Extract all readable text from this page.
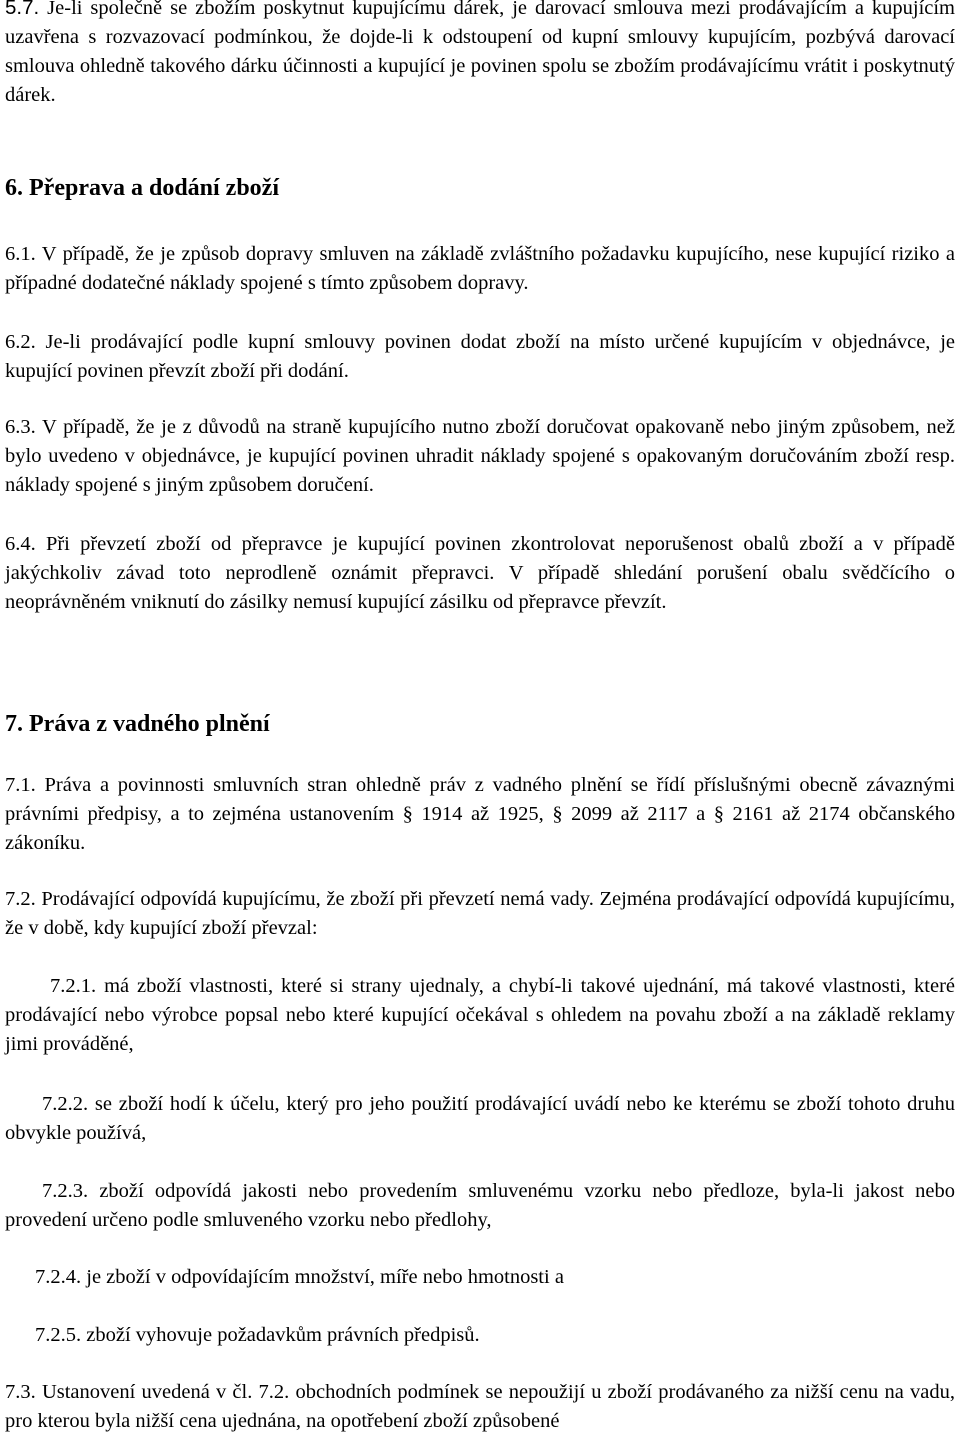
5.7. Je-li společně se zbožím poskytnut kupujícímu dárek, je darovací smlouva mezi prodávajícím a kupujícím uzavřena s rozvazovací podmínkou, že dojde-li k odstoupení od kupní smlouvy kupujícím, pozbývá darovací smlouva ohledně takového dárku účinnosti a kupující je povinen spolu se zbožím prodávajícímu vrátit i poskytnutý dárek.

6. Přeprava a dodání zboží

6.1. V případě, že je způsob dopravy smluven na základě zvláštního požadavku kupujícího, nese kupující riziko a případné dodatečné náklady spojené s tímto způsobem dopravy.

6.2. Je-li prodávající podle kupní smlouvy povinen dodat zboží na místo určené kupujícím v objednávce, je kupující povinen převzít zboží při dodání.

6.3. V případě, že je z důvodů na straně kupujícího nutno zboží doručovat opakovaně nebo jiným způsobem, než bylo uvedeno v objednávce, je kupující povinen uhradit náklady spojené s opakovaným doručováním zboží resp. náklady spojené s jiným způsobem doručení.

6.4. Při převzetí zboží od přepravce je kupující povinen zkontrolovat neporušenost obalů zboží a v případě jakýchkoliv závad toto neprodleně oznámit přepravci. V případě shledání porušení obalu svědčícího o neoprávněném vniknutí do zásilky nemusí kupující zásilku od přepravce převzít.

7. Práva z vadného plnění

7.1. Práva a povinnosti smluvních stran ohledně práv z vadného plnění se řídí příslušnými obecně závaznými právními předpisy, a to zejména ustanovením § 1914 až 1925, § 2099 až 2117 a § 2161 až 2174 občanského zákoníku.

7.2. Prodávající odpovídá kupujícímu, že zboží při převzetí nemá vady. Zejména prodávající odpovídá kupujícímu, že v době, kdy kupující zboží převzal:

7.2.1. má zboží vlastnosti, které si strany ujednaly, a chybí-li takové ujednání, má takové vlastnosti, které prodávající nebo výrobce popsal nebo které kupující očekával s ohledem na povahu zboží a na základě reklamy jimi prováděné,

7.2.2. se zboží hodí k účelu, který pro jeho použití prodávající uvádí nebo ke kterému se zboží tohoto druhu obvykle používá,

7.2.3. zboží odpovídá jakosti nebo provedením smluvenému vzorku nebo předloze, byla-li jakost nebo provedení určeno podle smluveného vzorku nebo předlohy,

7.2.4. je zboží v odpovídajícím množství, míře nebo hmotnosti a

7.2.5. zboží vyhovuje požadavkům právních předpisů.

7.3. Ustanovení uvedená v čl. 7.2. obchodních podmínek se nepoužijí u zboží prodávaného za nižší cenu na vadu, pro kterou byla nižší cena ujednána, na opotřebení zboží způsobené
